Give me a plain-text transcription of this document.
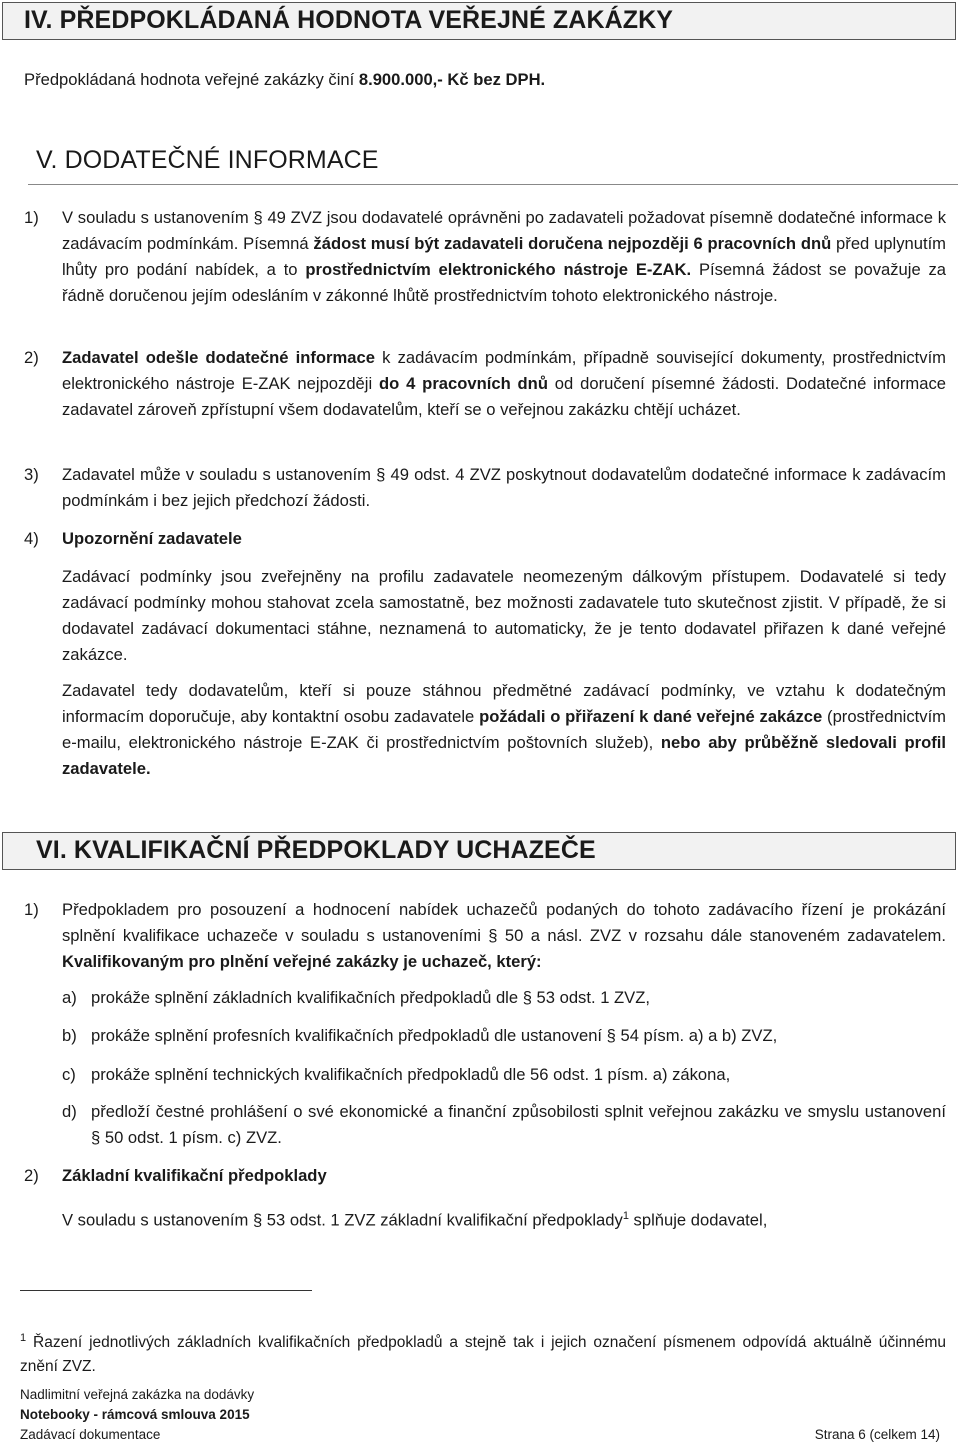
IV. PŘEDPOKLÁDANÁ HODNOTA VEŘEJNÉ ZAKÁZKY
Předpokládaná hodnota veřejné zakázky činí 8.900.000,- Kč bez DPH.
V. DODATEČNÉ INFORMACE
1) V souladu s ustanovením § 49 ZVZ jsou dodavatelé oprávněni po zadavateli požadovat písemně dodatečné informace k zadávacím podmínkám. Písemná žádost musí být zadavateli doručena nejpozději 6 pracovních dnů před uplynutím lhůty pro podání nabídek, a to prostřednictvím elektronického nástroje E-ZAK. Písemná žádost se považuje za řádně doručenou jejím odesláním v zákonné lhůtě prostřednictvím tohoto elektronického nástroje.
2) Zadavatel odešle dodatečné informace k zadávacím podmínkám, případně související dokumenty, prostřednictvím elektronického nástroje E-ZAK nejpozději do 4 pracovních dnů od doručení písemné žádosti. Dodatečné informace zadavatel zároveň zpřístupní všem dodavatelům, kteří se o veřejnou zakázku chtějí ucházet.
3) Zadavatel může v souladu s ustanovením § 49 odst. 4 ZVZ poskytnout dodavatelům dodatečné informace k zadávacím podmínkám i bez jejich předchozí žádosti.
4) Upozornění zadavatele
Zadávací podmínky jsou zveřejněny na profilu zadavatele neomezeným dálkovým přístupem. Dodavatelé si tedy zadávací podmínky mohou stahovat zcela samostatně, bez možnosti zadavatele tuto skutečnost zjistit. V případě, že si dodavatel zadávací dokumentaci stáhne, neznamená to automaticky, že je tento dodavatel přiřazen k dané veřejné zakázce.
Zadavatel tedy dodavatelům, kteří si pouze stáhnou předmětné zadávací podmínky, ve vztahu k dodatečným informacím doporučuje, aby kontaktní osobu zadavatele požádali o přiřazení k dané veřejné zakázce (prostřednictvím e-mailu, elektronického nástroje E-ZAK či prostřednictvím poštovních služeb), nebo aby průběžně sledovali profil zadavatele.
VI. KVALIFIKAČNÍ PŘEDPOKLADY UCHAZEČE
1) Předpokladem pro posouzení a hodnocení nabídek uchazečů podaných do tohoto zadávacího řízení je prokázání splnění kvalifikace uchazeče v souladu s ustanoveními § 50 a násl. ZVZ v rozsahu dále stanoveném zadavatelem. Kvalifikovaným pro plnění veřejné zakázky je uchazeč, který:
a) prokáže splnění základních kvalifikačních předpokladů dle § 53 odst. 1 ZVZ,
b) prokáže splnění profesních kvalifikačních předpokladů dle ustanovení § 54 písm. a) a b) ZVZ,
c) prokáže splnění technických kvalifikačních předpokladů dle 56 odst. 1 písm. a) zákona,
d) předloží čestné prohlášení o své ekonomické a finanční způsobilosti splnit veřejnou zakázku ve smyslu ustanovení § 50 odst. 1 písm. c) ZVZ.
2) Základní kvalifikační předpoklady
V souladu s ustanovením § 53 odst. 1 ZVZ základní kvalifikační předpoklady$^1$ splňuje dodavatel,
$^1$ Řazení jednotlivých základních kvalifikačních předpokladů a stejně tak i jejich označení písmenem odpovídá aktuálně účinnému znění ZVZ.
Nadlimitní veřejná zakázka na dodávky
Notebooky - rámcová smlouva 2015
Zadávací dokumentace	Strana 6 (celkem 14)
